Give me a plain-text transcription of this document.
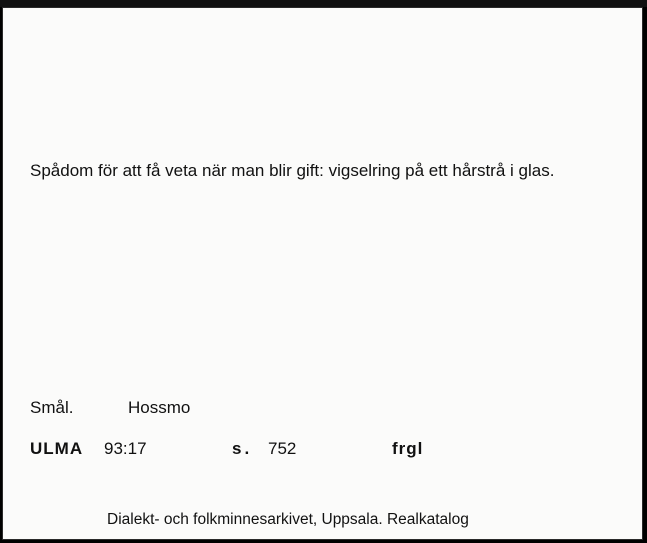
Spådom för att få veta när man blir gift: vigselring på ett hårstrå i glas.
Smål.	Hossmo
ULMA 93:17	s. 752	frgl
Dialekt- och folkminnesarkivet, Uppsala. Realkatalog
